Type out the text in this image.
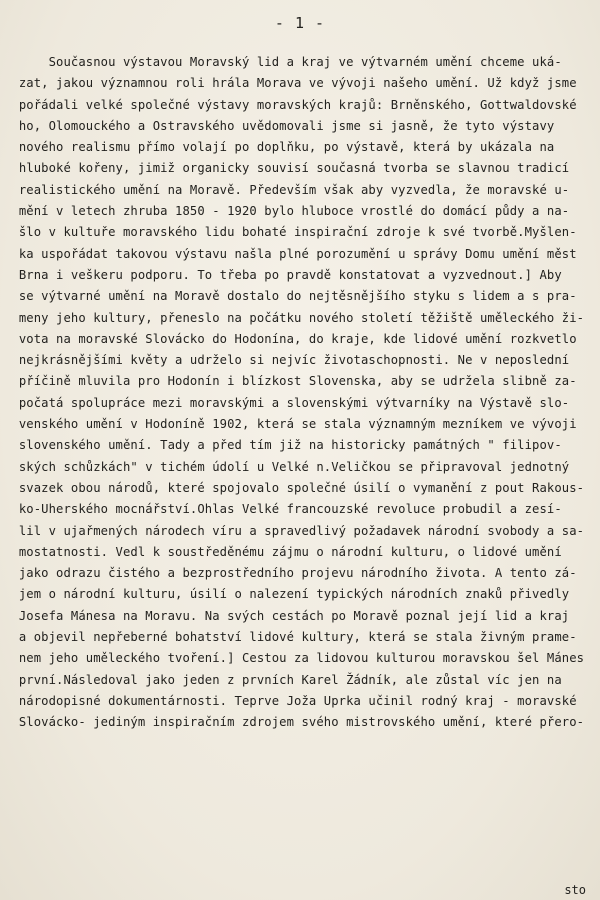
- 1 -
Současnou výstavou Moravský lid a kraj ve výtvarném umění chceme uká-
zat, jakou významnou roli hrála Morava ve vývoji našeho umění. Už když jsme
pořádali velké společné výstavy moravských krajů: Brněnského, Gottwaldovské
ho, Olomouckého a Ostravského uvědomovali jsme si jasně, že tyto výstavy
nového realismu přímo volají po doplňku, po výstavě, která by ukázala na
hluboké kořeny, jimiž organicky souvisí současná tvorba se slavnou tradicí
realistického umění na Moravě. Především však aby vyzvedla, že moravské u-
mění v letech zhruba 1850 - 1920 bylo hluboce vrostlé do domácí půdy a na-
šlo v kultuře moravského lidu bohaté inspirační zdroje k své tvorbě.Myšlen-
ka uspořádat takovou výstavu našla plné porozumění u správy Domu umění měst
Brna i veškeru podporu. To třeba po pravdě konstatovat a vyzvednout.] Aby
se výtvarné umění na Moravě dostalo do nejtěsnějšího styku s lidem a s pra-
meny jeho kultury, přeneslo na počátku nového století těžiště uměleckého ži-
vota na moravské Slovácko do Hodonína, do kraje, kde lidové umění rozkvetlo
nejkrásnějšími květy a udrželo si nejvíc životaschopnosti. Ne v neposlední
příčině mluvila pro Hodonín i blízkost Slovenska, aby se udržela slibně za-
počatá spolupráce mezi moravskými a slovenskými výtvarníky na Výstavě slo-
venského umění v Hodoníně 1902, která se stala významným mezníkem ve vývoji
slovenského umění. Tady a před tím již na historicky památných " filipov-
ských schůzkách" v tichém údolí u Velké n.Veličkou se připravoval jednotný
svazek obou národů, které spojovalo společné úsilí o vymanění z pout Rakous-
ko-Uherského mocnářství.Ohlas Velké francouzské revoluce probudil a zesí-
lil v ujařmených národech víru a spravedlivý požadavek národní svobody a sa-
mostatnosti. Vedl k soustředěnému zájmu o národní kulturu, o lidové umění
jako odrazu čistého a bezprostředního projevu národního života. A tento zá-
jem o národní kulturu, úsilí o nalezení typických národních znaků přivedly
Josefa Mánesa na Moravu. Na svých cestách po Moravě poznal její lid a kraj
a objevil nepřeberné bohatství lidové kultury, která se stala živným prame-
nem jeho uměleckého tvoření.] Cestou za lidovou kulturou moravskou šel Mánes
první.Následoval jako jeden z prvních Karel Žádník, ale zůstal víc jen na
národopisné dokumentárnosti. Teprve Joža Uprka učinil rodný kraj - moravské
Slovácko- jediným inspiračním zdrojem svého mistrovského umění, které přero-
sto
